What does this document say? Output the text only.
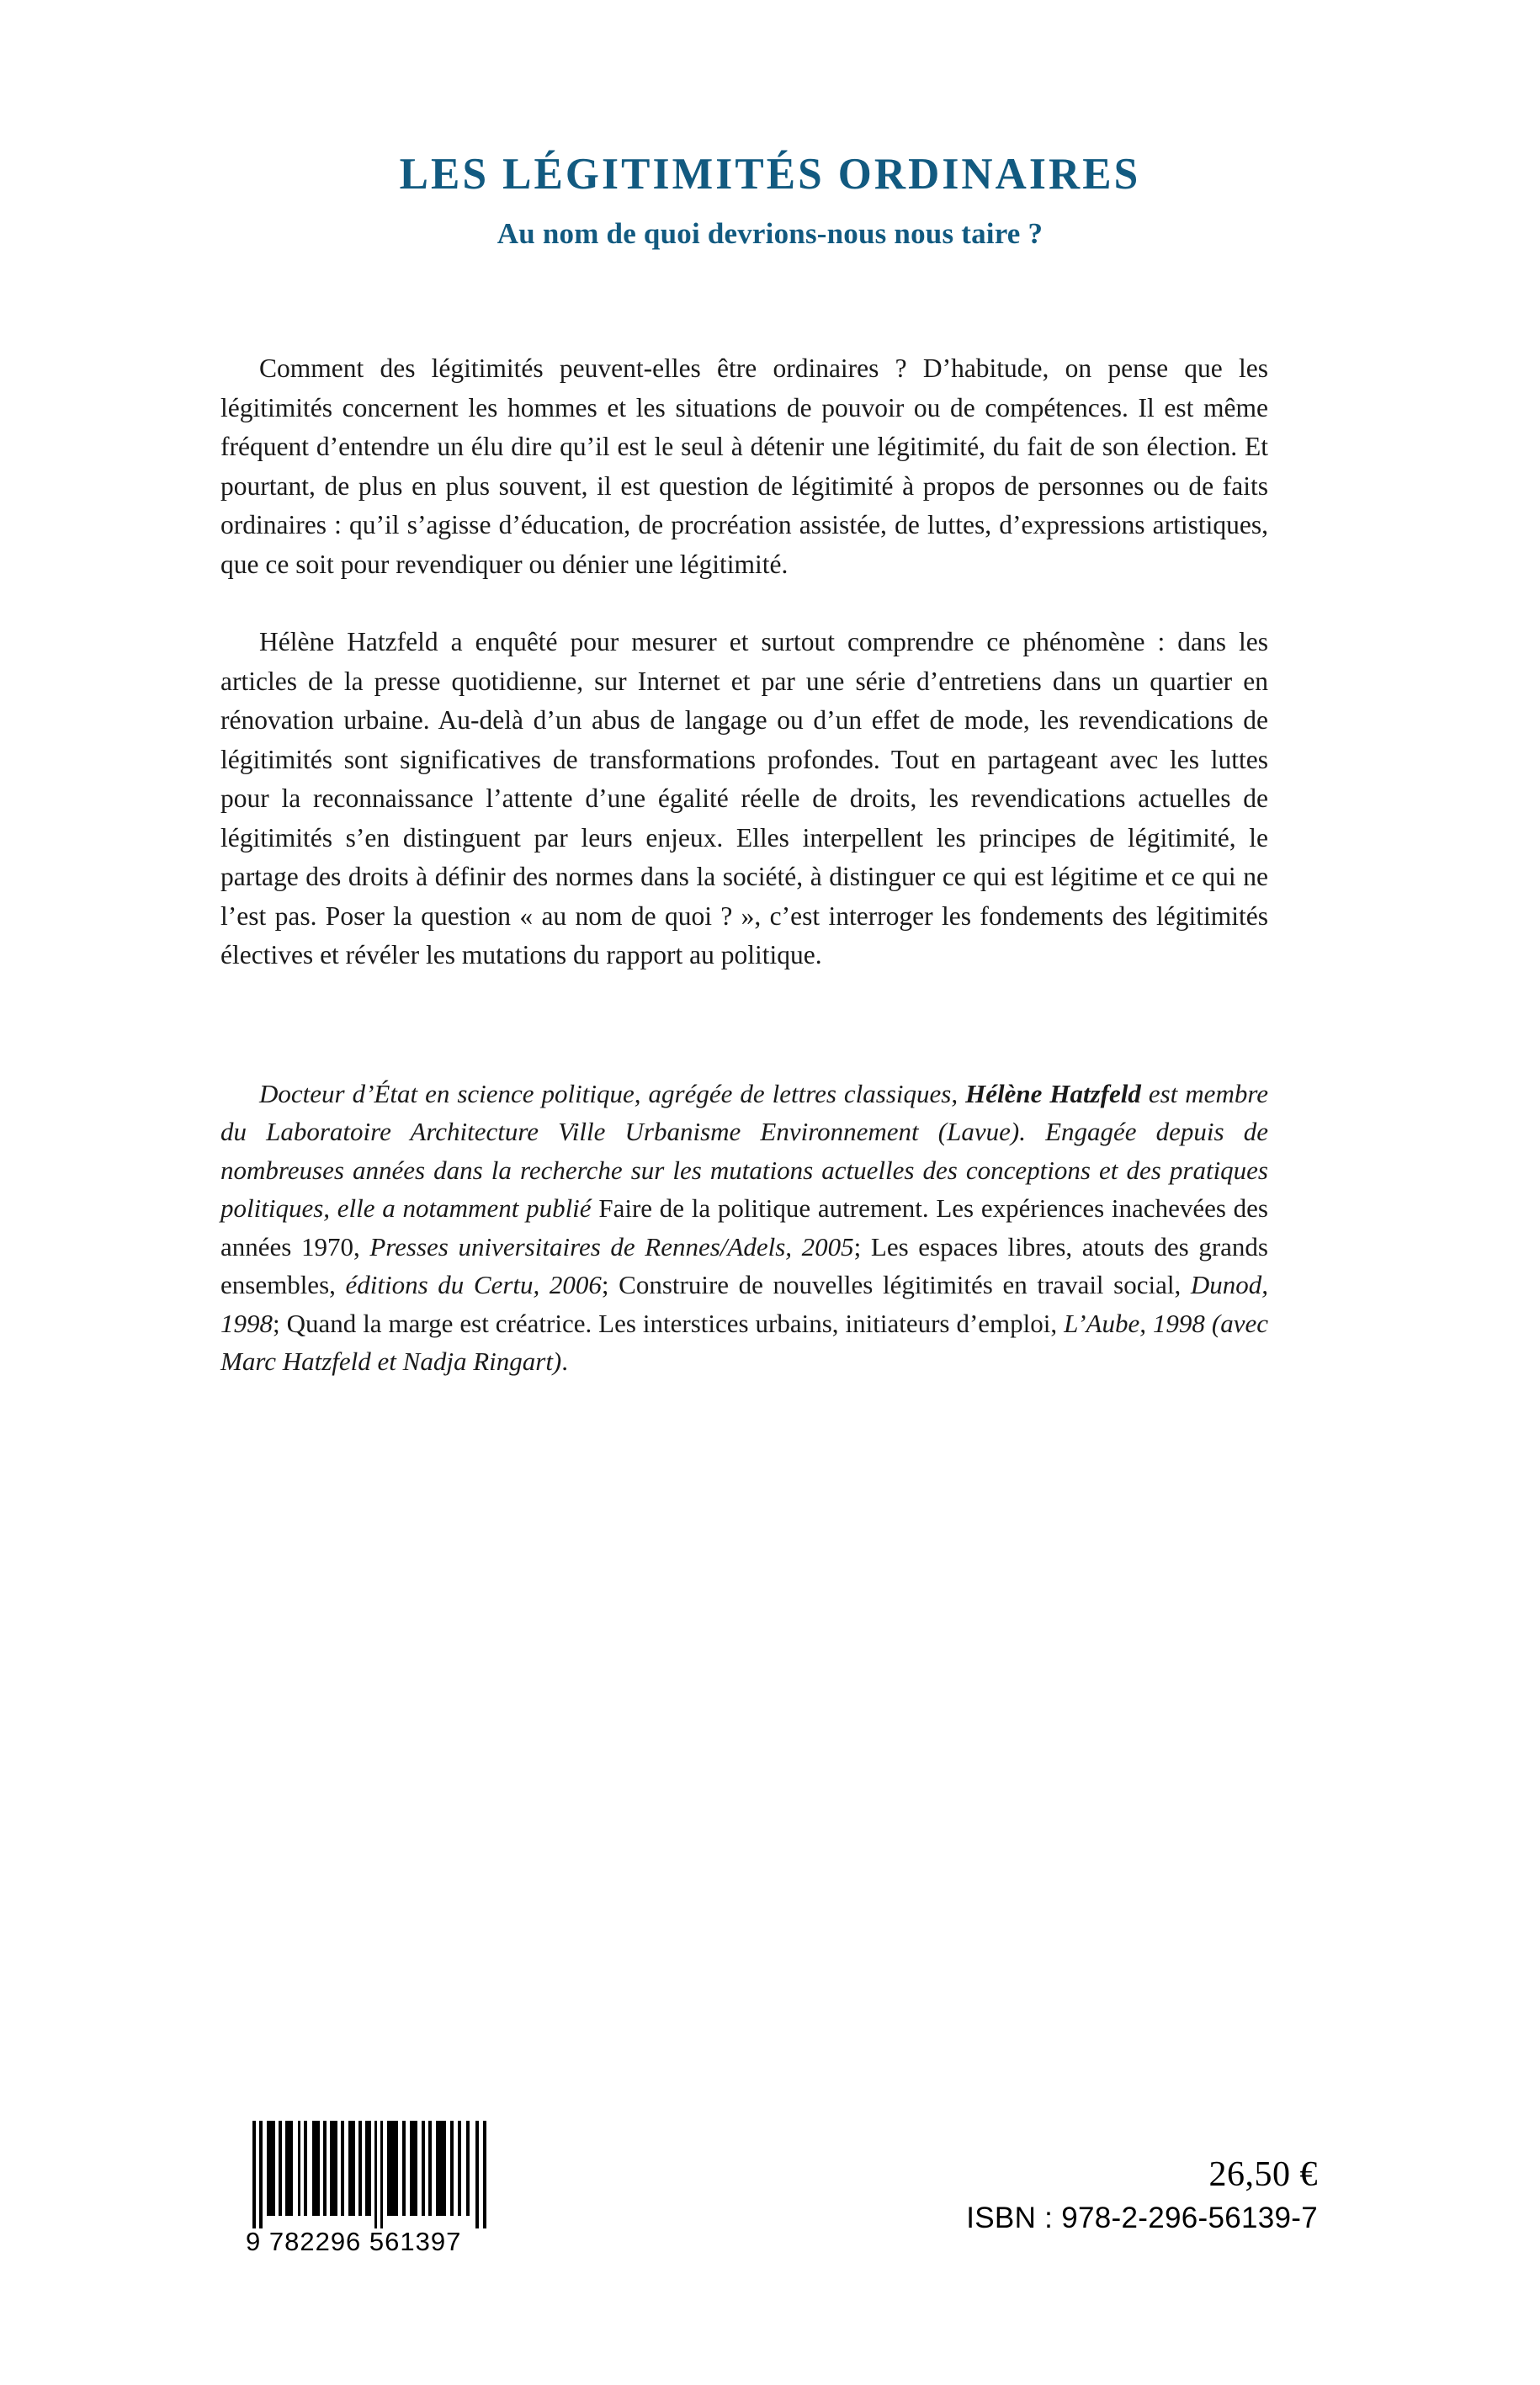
LES LÉGITIMITÉS ORDINAIRES
Au nom de quoi devrions-nous nous taire ?

Comment des légitimités peuvent-elles être ordinaires ? D’habitude, on pense que les légitimités concernent les hommes et les situations de pouvoir ou de compétences. Il est même fréquent d’entendre un élu dire qu’il est le seul à détenir une légitimité, du fait de son élection. Et pourtant, de plus en plus souvent, il est question de légitimité à propos de personnes ou de faits ordinaires : qu’il s’agisse d’éducation, de procréation assistée, de luttes, d’expressions artistiques, que ce soit pour revendiquer ou dénier une légitimité.

Hélène Hatzfeld a enquêté pour mesurer et surtout comprendre ce phénomène : dans les articles de la presse quotidienne, sur Internet et par une série d’entretiens dans un quartier en rénovation urbaine. Au-delà d’un abus de langage ou d’un effet de mode, les revendications de légitimités sont significatives de transformations profondes. Tout en partageant avec les luttes pour la reconnaissance l’attente d’une égalité réelle de droits, les revendications actuelles de légitimités s’en distinguent par leurs enjeux. Elles interpellent les principes de légitimité, le partage des droits à définir des normes dans la société, à distinguer ce qui est légitime et ce qui ne l’est pas. Poser la question « au nom de quoi ? », c’est interroger les fondements des légitimités électives et révéler les mutations du rapport au politique.

Docteur d’État en science politique, agrégée de lettres classiques, Hélène Hatzfeld est membre du Laboratoire Architecture Ville Urbanisme Environnement (Lavue). Engagée depuis de nombreuses années dans la recherche sur les mutations actuelles des conceptions et des pratiques politiques, elle a notamment publié Faire de la politique autrement. Les expériences inachevées des années 1970, Presses universitaires de Rennes/Adels, 2005; Les espaces libres, atouts des grands ensembles, éditions du Certu, 2006; Construire de nouvelles légitimités en travail social, Dunod, 1998; Quand la marge est créatrice. Les interstices urbains, initiateurs d’emploi, L’Aube, 1998 (avec Marc Hatzfeld et Nadja Ringart).

9 782296 561397
26,50 €
ISBN : 978-2-296-56139-7
